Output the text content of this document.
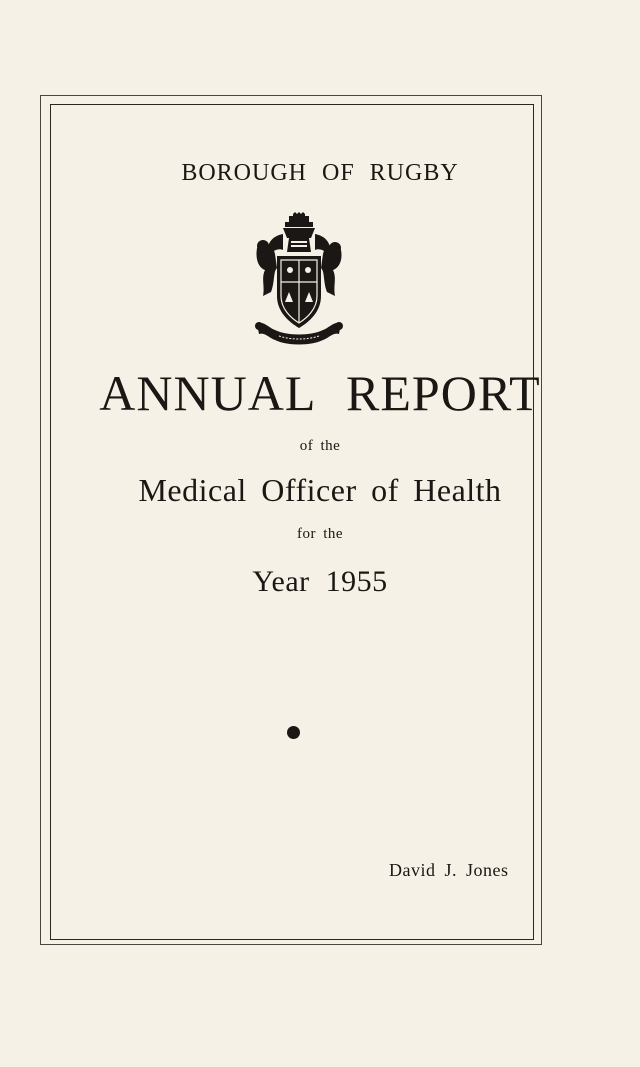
BOROUGH OF RUGBY
ANNUAL REPORT
of the
Medical Officer of Health
for the
Year 1955
David J. Jones
